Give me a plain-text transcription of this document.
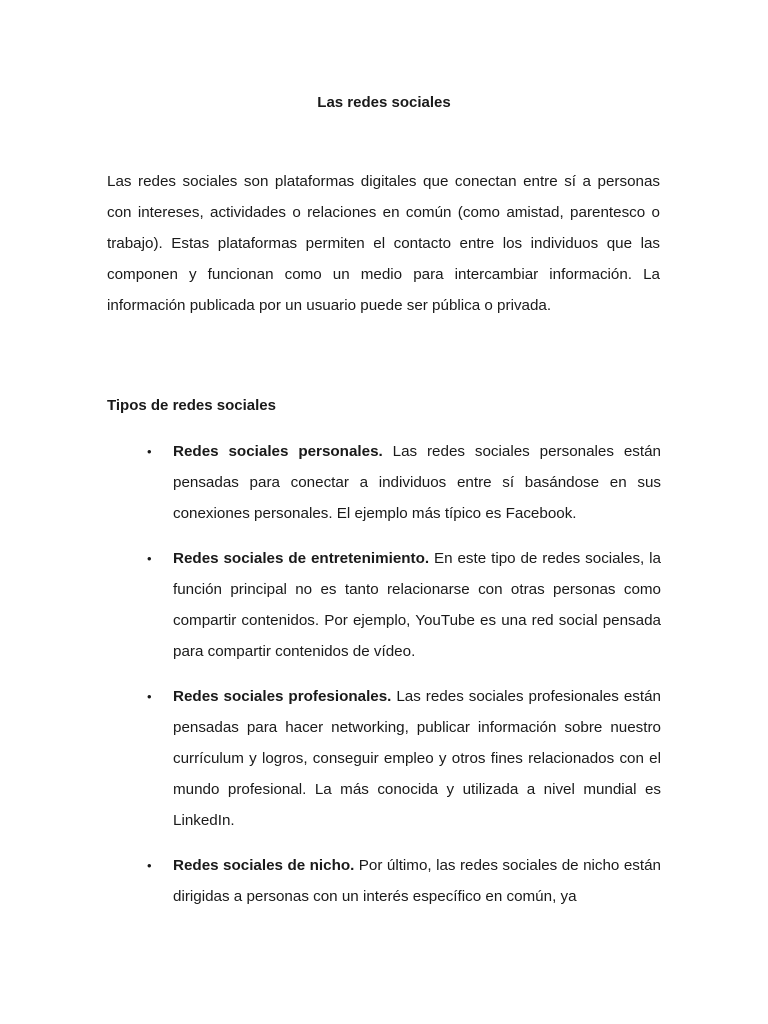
Las redes sociales

Las redes sociales son plataformas digitales que conectan entre sí a personas con intereses, actividades o relaciones en común (como amistad, parentesco o trabajo). Estas plataformas permiten el contacto entre los individuos que las componen y funcionan como un medio para intercambiar información. La información publicada por un usuario puede ser pública o privada.

Tipos de redes sociales
• Redes sociales personales. Las redes sociales personales están pensadas para conectar a individuos entre sí basándose en sus conexiones personales. El ejemplo más típico es Facebook.
• Redes sociales de entretenimiento. En este tipo de redes sociales, la función principal no es tanto relacionarse con otras personas como compartir contenidos. Por ejemplo, YouTube es una red social pensada para compartir contenidos de vídeo.
• Redes sociales profesionales. Las redes sociales profesionales están pensadas para hacer networking, publicar información sobre nuestro currículum y logros, conseguir empleo y otros fines relacionados con el mundo profesional. La más conocida y utilizada a nivel mundial es LinkedIn.
• Redes sociales de nicho. Por último, las redes sociales de nicho están dirigidas a personas con un interés específico en común, ya
